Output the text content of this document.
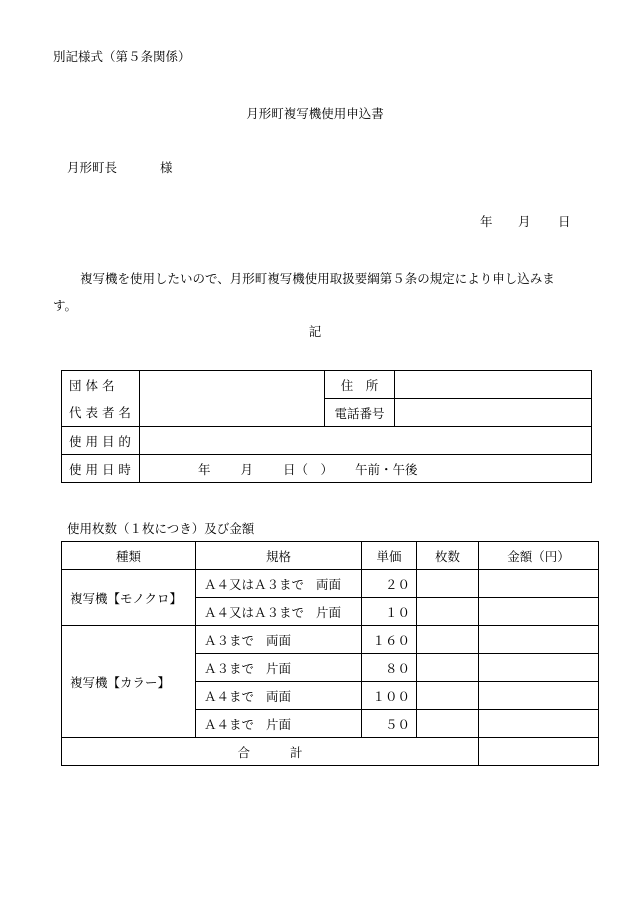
別記様式（第５条関係）
月形町複写機使用申込書
月形町長	様
年 月 日
複写機を使用したいので、月形町複写機使用取扱要綱第５条の規定により申し込みま
す。
記
団 体 名		住　所	
代 表 者 名		電話番号	
使 用 目 的			
使 用 日 時	年 月 日（　） 午前・午後		
使用枚数（１枚につき）及び金額
種類	規格	単価	枚数	金額（円）
複写機【モノクロ】	Ａ４又はＡ３まで 両面	２０		
	Ａ４又はＡ３まで 片面	１０		
複写機【カラー】	Ａ３まで 両面	１６０		
	Ａ３まで 片面	８０		
	Ａ４まで 両面	１００		
	Ａ４まで 片面	５０		
合 計				
